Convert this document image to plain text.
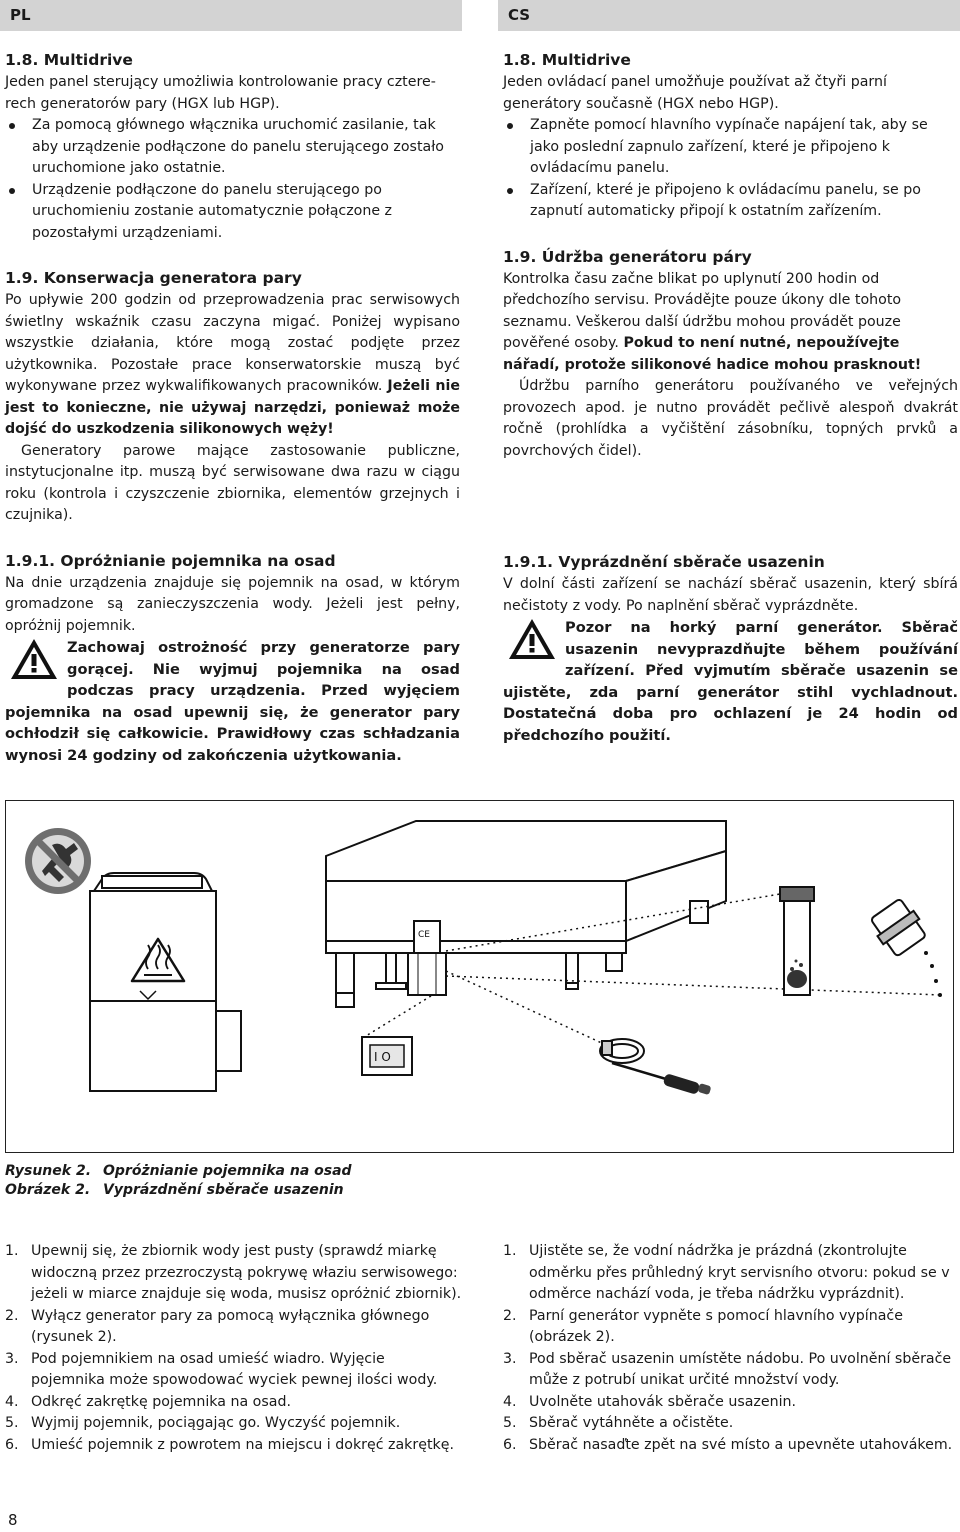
PL	CS

1.8. Multidrive

Jeden panel sterujący umożliwia kontrolowanie pracy cztererech generatorów pary (HGX lub HGP).

Za pomocą głównego włącznika uruchomić zasilanie, tak aby urządzenie podłączone do panelu sterującego zostało uruchomione jako ostatnie.

Urządzenie podłączone do panelu sterującego po uruchomieniu zostanie automatycznie połączone z pozostałymi urządzeniami.

1.9. Konserwacja generatora pary

Po upływie 200 godzin od przeprowadzenia prac serwisowych świetlny wskaźnik czasu zaczyna migać. Poniżej wypisano wszystkie działania, które mogą zostać podjęte przez użytkownika. Pozostałe prace konserwatorskie muszą być wykonywane przez wykwalifikowanych pracowników. Jeżeli nie jest to konieczne, nie używaj narzędzi, ponieważ może dojść do uszkodzenia silikonowych węży!

Generatory parowe mające zastosowanie publiczne, instytucjonalne itp. muszą być serwisowane dwa razu w ciągu roku (kontrola i czyszczenie zbiornika, elementów grzejnych i czujnika).

1.9.1. Opróżnianie pojemnika na osad

Na dnie urządzenia znajduje się pojemnik na osad, w którym gromadzone są zanieczyszczenia wody. Jeżeli jest pełny, opróżnij pojemnik.

Zachowaj ostrożność przy generatorze pary gorącej. Nie wyjmuj pojemnika na osad podczas pracy urządzenia. Przed wyjęciem pojemnika na osad upewnij się, że generator pary ochłodził się całkowicie. Prawidłowy czas schładzania wynosi 24 godziny od zakończenia użytkowania.

1.8. Multidrive

Jeden ovládací panel umožňuje používat až čtyři parní generátory současně (HGX nebo HGP).

Zapněte pomocí hlavního vypínače napájení tak, aby se jako poslední zapnulo zařízení, které je připojeno k ovládacímu panelu.

Zařízení, které je připojeno k ovládacímu panelu, se po zapnutí automaticky připojí k ostatním zařízením.

1.9. Údržba generátoru páry

Kontrolka času začne blikat po uplynutí 200 hodin od předchozího servisu. Provádějte pouze úkony dle tohoto seznamu. Veškerou další údržbu mohou provádět pouze pověřené osoby. Pokud to není nutné, nepoužívejte nářadí, protože silikonové hadice mohou prasknout!

Údržbu parního generátoru používaného ve veřejných provozech apod. je nutno provádět pečlivě alespoň dvakrát ročně (prohlídka a vyčištění zásobníku, topných prvků a povrchových čidel).

1.9.1. Vyprázdnění sběrače usazenin

V dolní části zařízení se nachází sběrač usazenin, který sbírá nečistoty z vody. Po naplnění sběrač vyprázdněte.

Pozor na horký parní generátor. Sběrač usazenin nevyprazdňujte během používání zařízení. Před vyjmutím sběrače usazenin se ujistěte, zda parní generátor stihl vychladnout. Dostatečná doba pro ochlazení je 24 hodin od předchozího použití.
CE
I O
Rysunek 2. Opróżnianie pojemnika na osad
Obrázek 2. Vyprázdnění sběrače usazenin
1. Upewnij się, że zbiornik wody jest pusty (sprawdź miarkę widoczną przez przezroczystą pokrywę właziu serwisowego: jeżeli w miarce znajduje się woda, musisz opróżnić zbiornik).
2. Wyłącz generator pary za pomocą wyłącznika głównego (rysunek 2).
3. Pod pojemnikiem na osad umieść wiadro. Wyjęcie pojemnika może spowodować wyciek pewnej ilości wody.
4. Odkręć zakrętkę pojemnika na osad.
5. Wyjmij pojemnik, pociągając go. Wyczyść pojemnik.
6. Umieść pojemnik z powrotem na miejscu i dokręć zakrętkę.
1. Ujistěte se, že vodní nádržka je prázdná (zkontrolujte odměrku přes průhledný kryt servisního otvoru: pokud se v odměrce nachází voda, je třeba nádržku vyprázdnit).
2. Parní generátor vypněte s pomocí hlavního vypínače (obrázek 2).
3. Pod sběrač usazenin umístěte nádobu. Po uvolnění sběrače může z potrubí unikat určité množství vody.
4. Uvolněte utahovák sběrače usazenin.
5. Sběrač vytáhněte a očistěte.
6. Sběrač nasaďte zpět na své místo a upevněte utahovákem.
8
